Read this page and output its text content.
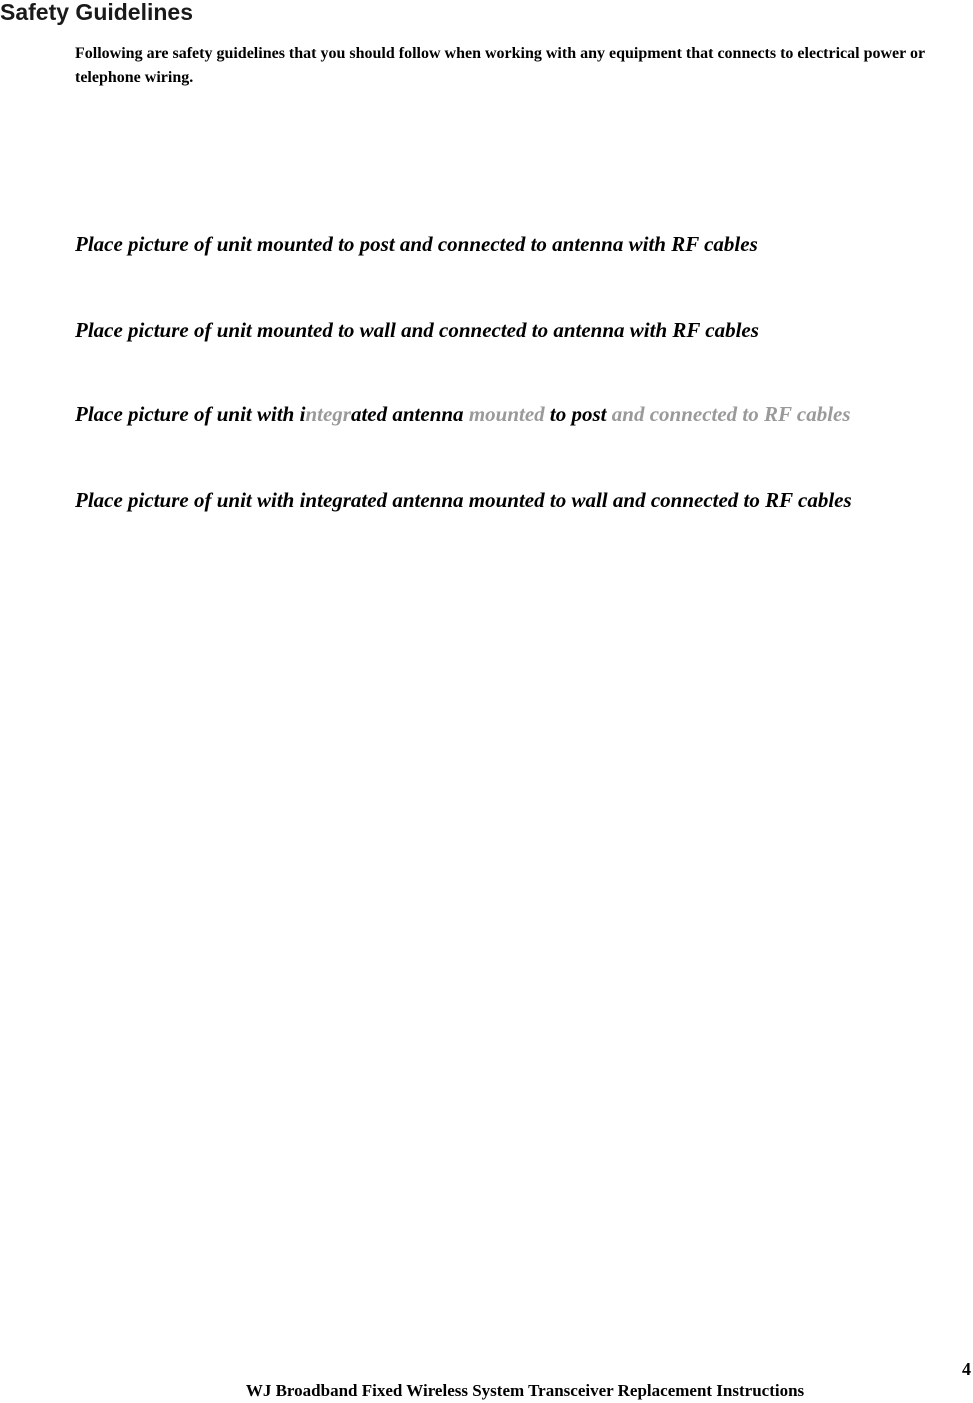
Safety Guidelines

Following are safety guidelines that you should follow when working with any equipment that connects to electrical power or telephone wiring.

Place picture of unit mounted to post and connected to antenna with RF cables

Place picture of unit mounted to wall and connected to antenna with RF cables

Place picture of unit with integrated antenna mounted to post and connected to RF cables

Place picture of unit with integrated antenna mounted to wall and connected to RF cables

4
WJ Broadband Fixed Wireless System Transceiver Replacement Instructions
